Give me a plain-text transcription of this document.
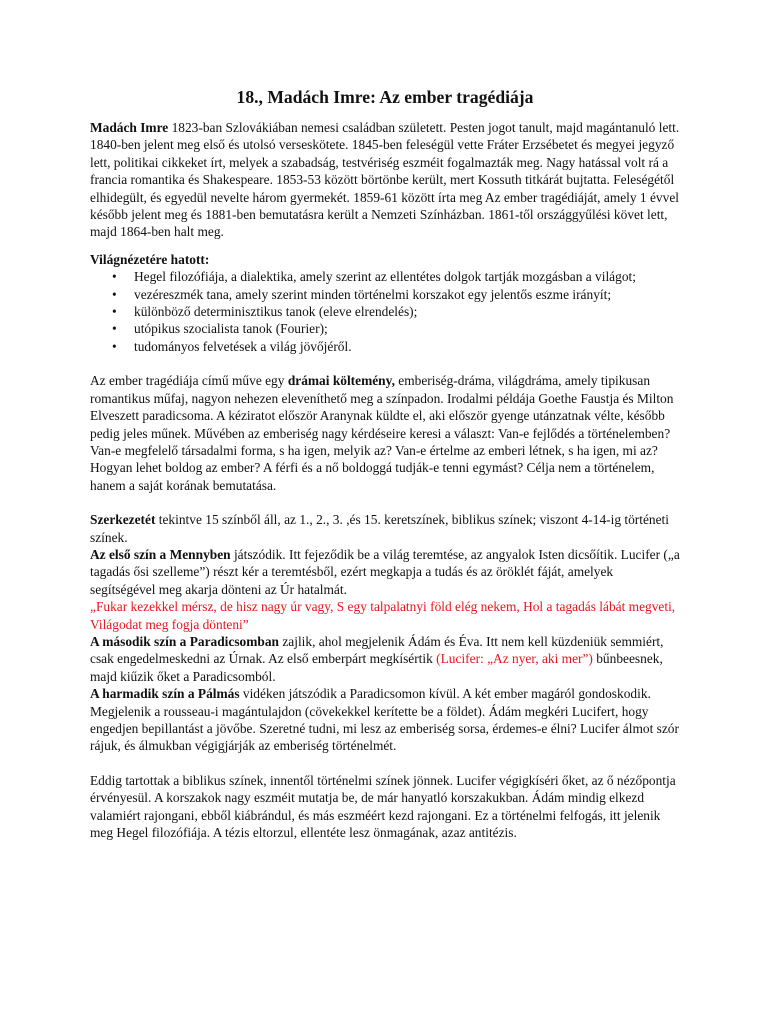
18., Madách Imre: Az ember tragédiája

Madách Imre 1823-ban Szlovákiában nemesi családban született. Pesten jogot tanult, majd magántanuló lett. 1840-ben jelent meg első és utolsó verseskötete. 1845-ben feleségül vette Fráter Erzsébetet és megyei jegyző lett, politikai cikkeket írt, melyek a szabadság, testvériség eszméit fogalmazták meg. Nagy hatással volt rá a francia romantika és Shakespeare. 1853-53 között börtönbe került, mert Kossuth titkárát bujtatta. Feleségétől elhidegült, és egyedül nevelte három gyermekét. 1859-61 között írta meg Az ember tragédiáját, amely 1 évvel később jelent meg és 1881-ben bemutatásra került a Nemzeti Színházban. 1861-től országgyűlési követ lett, majd 1864-ben halt meg.

Világnézetére hatott:

• Hegel filozófiája, a dialektika, amely szerint az ellentétes dolgok tartják mozgásban a világot;
• vezéreszmék tana, amely szerint minden történelmi korszakot egy jelentős eszme irányít;
• különböző determinisztikus tanok (eleve elrendelés);
• utópikus szocialista tanok (Fourier);
• tudományos felvetések a világ jövőjéről.

Az ember tragédiája című műve egy drámai költemény, emberiség-dráma, világdráma, amely tipikusan romantikus műfaj, nagyon nehezen eleveníthető meg a színpadon. Irodalmi példája Goethe Faustja és Milton Elveszett paradicsoma. A kéziratot először Aranynak küldte el, aki először gyenge utánzatnak vélte, később pedig jeles műnek. Művében az emberiség nagy kérdéseire keresi a választ: Van-e fejlődés a történelemben? Van-e megfelelő társadalmi forma, s ha igen, melyik az? Van-e értelme az emberi létnek, s ha igen, mi az? Hogyan lehet boldog az ember? A férfi és a nő boldoggá tudják-e tenni egymást? Célja nem a történelem, hanem a saját korának bemutatása.

Szerkezetét tekintve 15 színből áll, az 1., 2., 3. ,és 15. keretszínek, biblikus színek; viszont 4-14-ig történeti színek.

Az első szín a Mennyben játszódik. Itt fejeződik be a világ teremtése, az angyalok Isten dicsőítik. Lucifer („a tagadás ősi szelleme”) részt kér a teremtésből, ezért megkapja a tudás és az öröklét fáját, amelyek segítségével meg akarja dönteni az Úr hatalmát.

„Fukar kezekkel mérsz, de hisz nagy úr vagy, S egy talpalatnyi föld elég nekem, Hol a tagadás lábát megveti, Világodat meg fogja dönteni”

A második szín a Paradicsomban zajlik, ahol megjelenik Ádám és Éva. Itt nem kell küzdeniük semmiért, csak engedelmeskedni az Úrnak. Az első emberpárt megkísértik (Lucifer: „Az nyer, aki mer”) bűnbeesnek, majd kiűzik őket a Paradicsomból.

A harmadik szín a Pálmás vidéken játszódik a Paradicsomon kívül. A két ember magáról gondoskodik. Megjelenik a rousseau-i magántulajdon (cövekekkel kerítette be a földet). Ádám megkéri Lucifert, hogy engedjen bepillantást a jövőbe. Szeretné tudni, mi lesz az emberiség sorsa, érdemes-e élni? Lucifer álmot szór rájuk, és álmukban végigjárják az emberiség történelmét.

Eddig tartottak a biblikus színek, innentől történelmi színek jönnek. Lucifer végigkíséri őket, az ő nézőpontja érvényesül. A korszakok nagy eszméit mutatja be, de már hanyatló korszakukban. Ádám mindig elkezd valamiért rajongani, ebből kiábrándul, és más eszméért kezd rajongani. Ez a történelmi felfogás, itt jelenik meg Hegel filozófiája. A tézis eltorzul, ellentéte lesz önmagának, azaz antitézis.
